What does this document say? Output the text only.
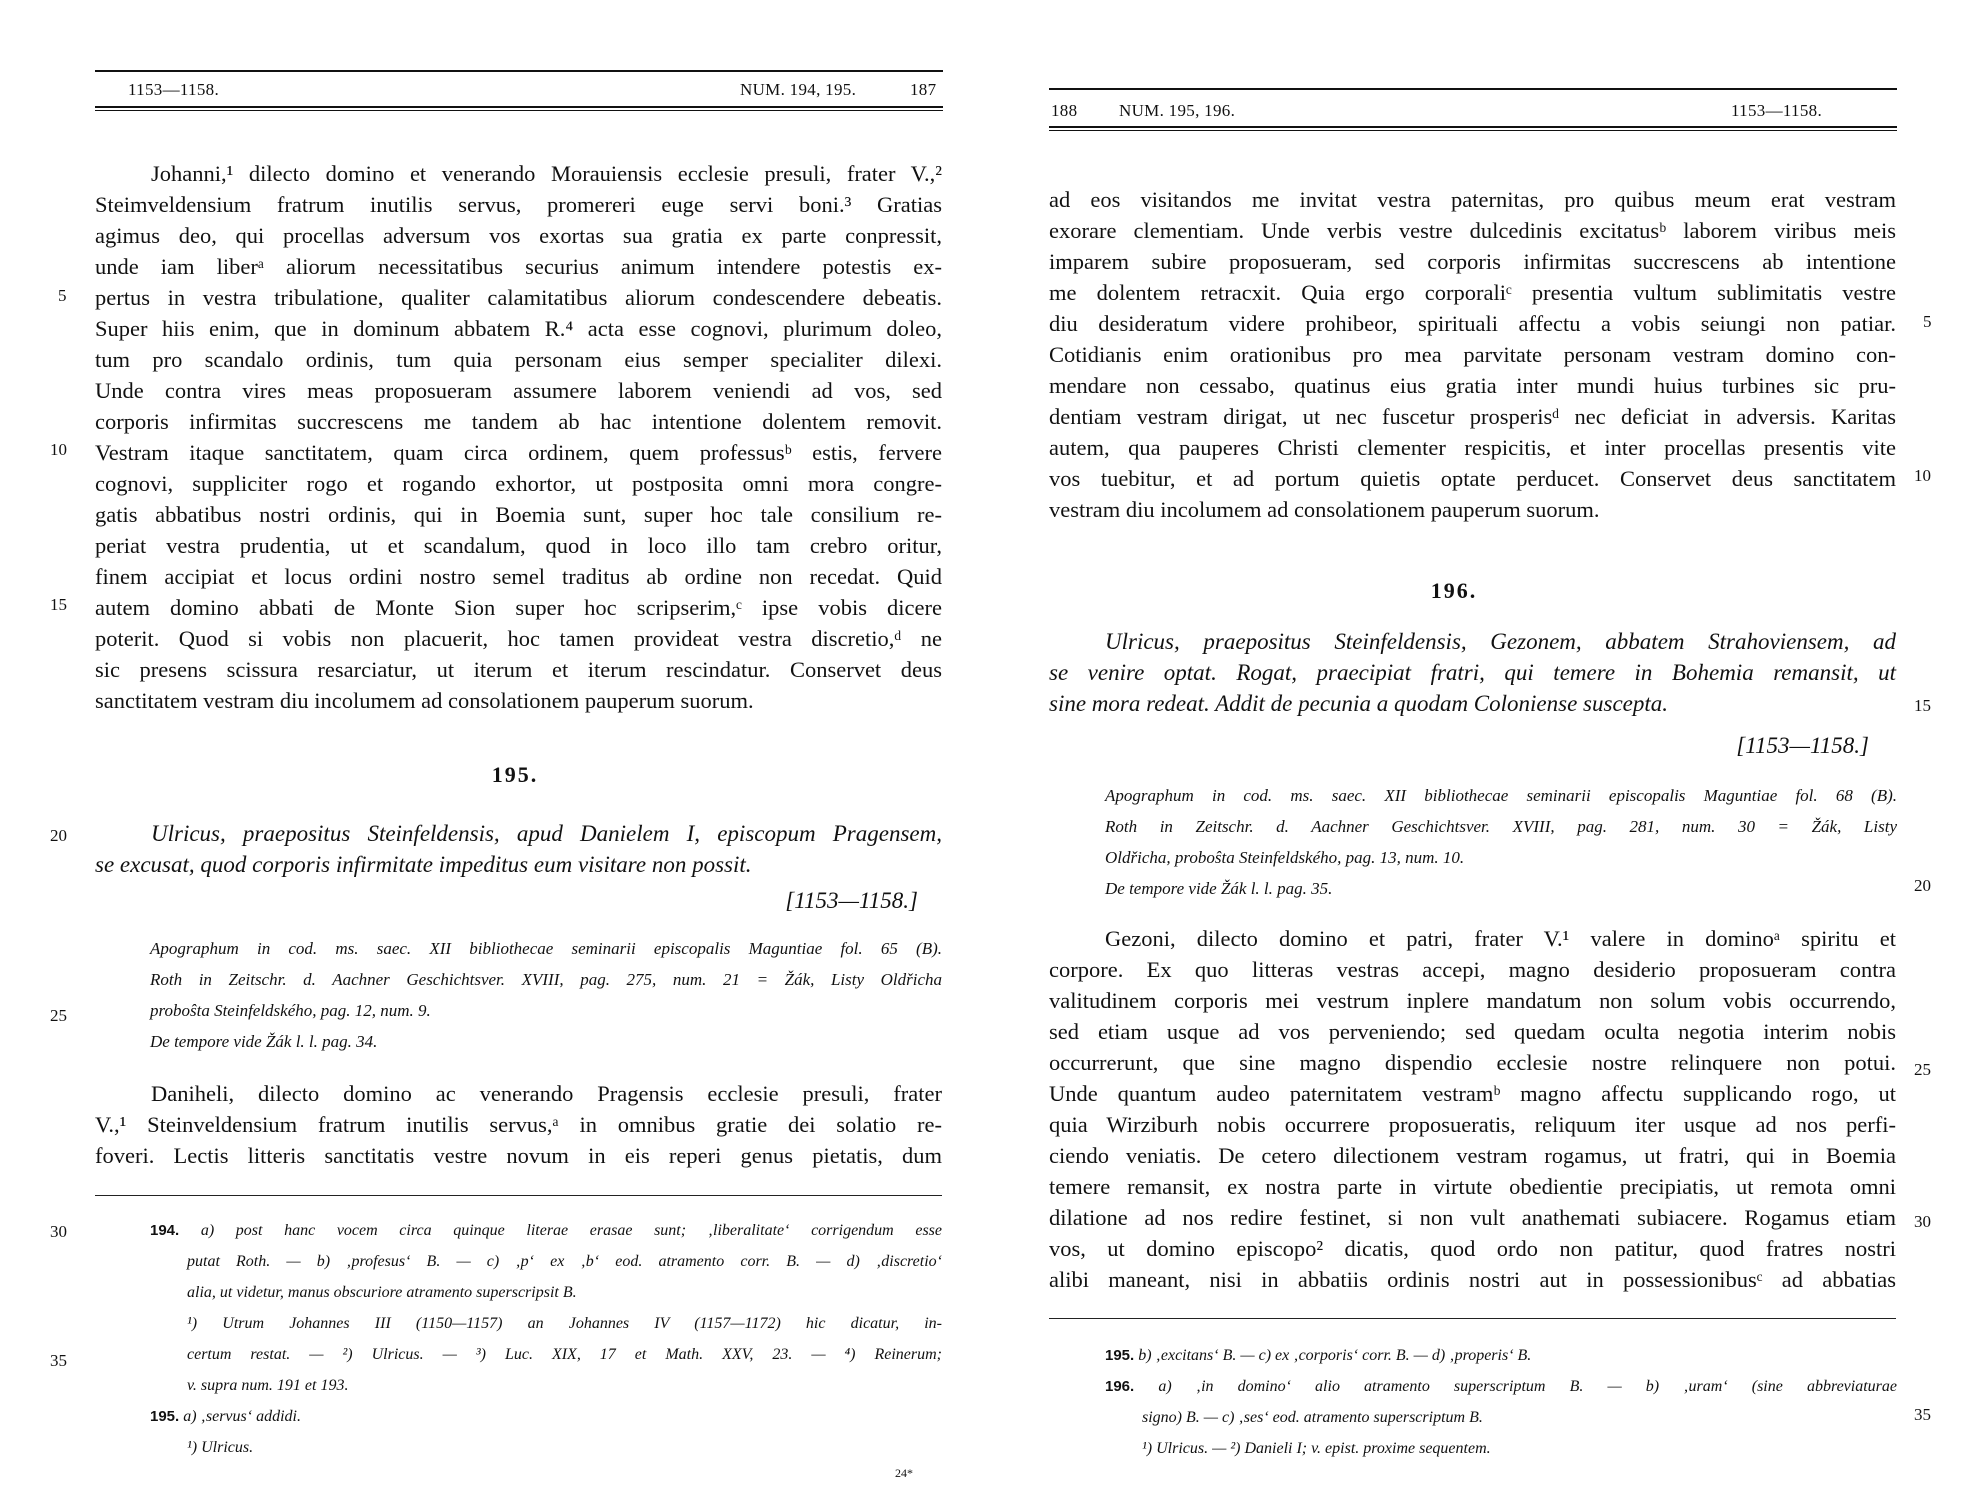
1153—1158.	NUM. 194, 195.	187
Johanni,¹ dilecto domino et venerando Morauiensis ecclesie presuli, frater V.,²
Steimveldensium fratrum inutilis servus, promereri euge servi boni.³ Gratias
agimus deo, qui procellas adversum vos exortas sua gratia ex parte conpressit,
unde iam liberᵃ aliorum necessitatibus securius animum intendere potestis ex-
pertus in vestra tribulatione, qualiter calamitatibus aliorum condescendere debeatis.
Super hiis enim, que in dominum abbatem R.⁴ acta esse cognovi, plurimum doleo,
tum pro scandalo ordinis, tum quia personam eius semper specialiter dilexi.
Unde contra vires meas proposueram assumere laborem veniendi ad vos, sed
corporis infirmitas succrescens me tandem ab hac intentione dolentem removit.
Vestram itaque sanctitatem, quam circa ordinem, quem professusᵇ estis, fervere
cognovi, suppliciter rogo et rogando exhortor, ut postposita omni mora congre-
gatis abbatibus nostri ordinis, qui in Boemia sunt, super hoc tale consilium re-
periat vestra prudentia, ut et scandalum, quod in loco illo tam crebro oritur,
finem accipiat et locus ordini nostro semel traditus ab ordine non recedat. Quid
autem domino abbati de Monte Sion super hoc scripserim,ᶜ ipse vobis dicere
poterit. Quod si vobis non placuerit, hoc tamen provideat vestra discretio,ᵈ ne
sic presens scissura resarciatur, ut iterum et iterum rescindatur. Conservet deus
sanctitatem vestram diu incolumem ad consolationem pauperum suorum.
5
10
15
20
25
30
35
195.
Ulricus, praepositus Steinfeldensis, apud Danielem I, episcopum Pragensem,
se excusat, quod corporis infirmitate impeditus eum visitare non possit.
[1153—1158.]
Apographum in cod. ms. saec. XII bibliothecae seminarii episcopalis Maguntiae fol. 65 (B).
Roth in Zeitschr. d. Aachner Geschichtsver. XVIII, pag. 275, num. 21 = Žák, Listy Oldřicha
proboŝta Steinfeldského, pag. 12, num. 9.
De tempore vide Žák l. l. pag. 34.
Daniheli, dilecto domino ac venerando Pragensis ecclesie presuli, frater
V.,¹ Steinveldensium fratrum inutilis servus,ᵃ in omnibus gratie dei solatio re-
foveri. Lectis litteris sanctitatis vestre novum in eis reperi genus pietatis, dum
194. a) post hanc vocem circa quinque literae erasae sunt; ‚liberalitate‘ corrigendum esse
putat Roth. — b) ‚profesus‘ B. — c) ‚p‘ ex ‚b‘ eod. atramento corr. B. — d) ‚discretio‘
alia, ut videtur, manus obscuriore atramento superscripsit B.
¹) Utrum Johannes III (1150—1157) an Johannes IV (1157—1172) hic dicatur, in-
certum restat. — ²) Ulricus. — ³) Luc. XIX, 17 et Math. XXV, 23. — ⁴) Reinerum;
v. supra num. 191 et 193.
195. a) ‚servus‘ addidi.
¹) Ulricus.
24*
188 NUM. 195, 196.	1153—1158.
ad eos visitandos me invitat vestra paternitas, pro quibus meum erat vestram
exorare clementiam. Unde verbis vestre dulcedinis excitatusᵇ laborem viribus meis
imparem subire proposueram, sed corporis infirmitas succrescens ab intentione
me dolentem retracxit. Quia ergo corporaliᶜ presentia vultum sublimitatis vestre
diu desideratum videre prohibeor, spirituali affectu a vobis seiungi non patiar.
Cotidianis enim orationibus pro mea parvitate personam vestram domino con-
mendare non cessabo, quatinus eius gratia inter mundi huius turbines sic pru-
dentiam vestram dirigat, ut nec fuscetur prosperisᵈ nec deficiat in adversis. Karitas
autem, qua pauperes Christi clementer respicitis, et inter procellas presentis vite
vos tuebitur, et ad portum quietis optate perducet. Conservet deus sanctitatem
vestram diu incolumem ad consolationem pauperum suorum.
5
10
15
20
25
30
35
196.
Ulricus, praepositus Steinfeldensis, Gezonem, abbatem Strahoviensem, ad
se venire optat. Rogat, praecipiat fratri, qui temere in Bohemia remansit, ut
sine mora redeat. Addit de pecunia a quodam Coloniense suscepta.
[1153—1158.]
Apographum in cod. ms. saec. XII bibliothecae seminarii episcopalis Maguntiae fol. 68 (B).
Roth in Zeitschr. d. Aachner Geschichtsver. XVIII, pag. 281, num. 30 = Žák, Listy
Oldřicha, proboŝta Steinfeldského, pag. 13, num. 10.
De tempore vide Žák l. l. pag. 35.
Gezoni, dilecto domino et patri, frater V.¹ valere in dominoᵃ spiritu et
corpore. Ex quo litteras vestras accepi, magno desiderio proposueram contra
valitudinem corporis mei vestrum inplere mandatum non solum vobis occurrendo,
sed etiam usque ad vos perveniendo; sed quedam oculta negotia interim nobis
occurrerunt, que sine magno dispendio ecclesie nostre relinquere non potui.
Unde quantum audeo paternitatem vestramᵇ magno affectu supplicando rogo, ut
quia Wirziburh nobis occurrere proposueratis, reliquum iter usque ad nos perfi-
ciendo veniatis. De cetero dilectionem vestram rogamus, ut fratri, qui in Boemia
temere remansit, ex nostra parte in virtute obedientie precipiatis, ut remota omni
dilatione ad nos redire festinet, si non vult anathemati subiacere. Rogamus etiam
vos, ut domino episcopo² dicatis, quod ordo non patitur, quod fratres nostri
alibi maneant, nisi in abbatiis ordinis nostri aut in possessionibusᶜ ad abbatias
195. b) ‚excitans‘ B. — c) ex ‚corporis‘ corr. B. — d) ‚properis‘ B.
196. a) ‚in domino‘ alio atramento superscriptum B. — b) ‚uram‘ (sine abbreviaturae
signo) B. — c) ‚ses‘ eod. atramento superscriptum B.
¹) Ulricus. — ²) Danieli I; v. epist. proxime sequentem.
